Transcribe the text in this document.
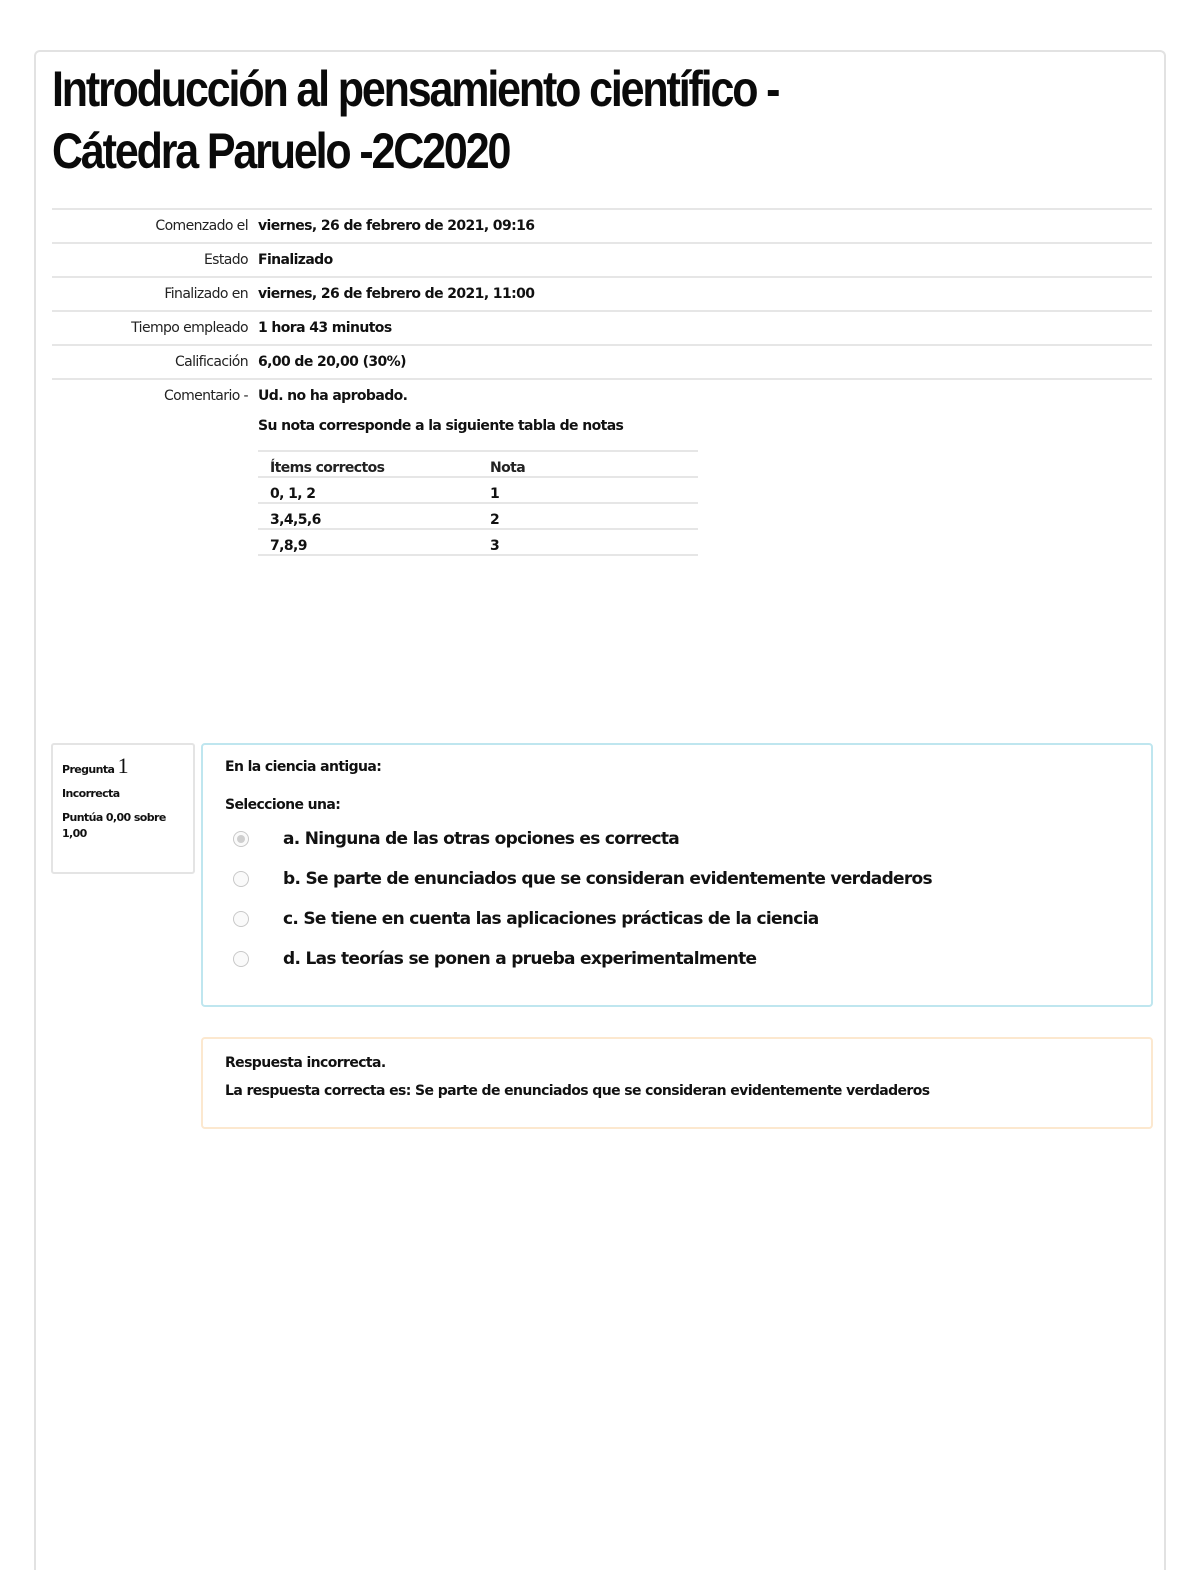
Introducción al pensamiento científico - Cátedra Paruelo -2C2020
Comenzado el	viernes, 26 de febrero de 2021, 09:16
Estado	Finalizado
Finalizado en	viernes, 26 de febrero de 2021, 11:00
Tiempo empleado	1 hora 43 minutos
Calificación	6,00 de 20,00 (30%)
Comentario -	Ud. no ha aprobado.

Su nota corresponde a la siguiente tabla de notas

Ítems correctos	Nota
0, 1, 2	1
3,4,5,6	2
7,8,9	3
Pregunta 1
Incorrecta
Puntúa 0,00 sobre 1,00

En la ciencia antigua:

Seleccione una:

a. Ninguna de las otras opciones es correcta
b. Se parte de enunciados que se consideran evidentemente verdaderos
c. Se tiene en cuenta las aplicaciones prácticas de la ciencia
d. Las teorías se ponen a prueba experimentalmente

Respuesta incorrecta.

La respuesta correcta es: Se parte de enunciados que se consideran evidentemente verdaderos
